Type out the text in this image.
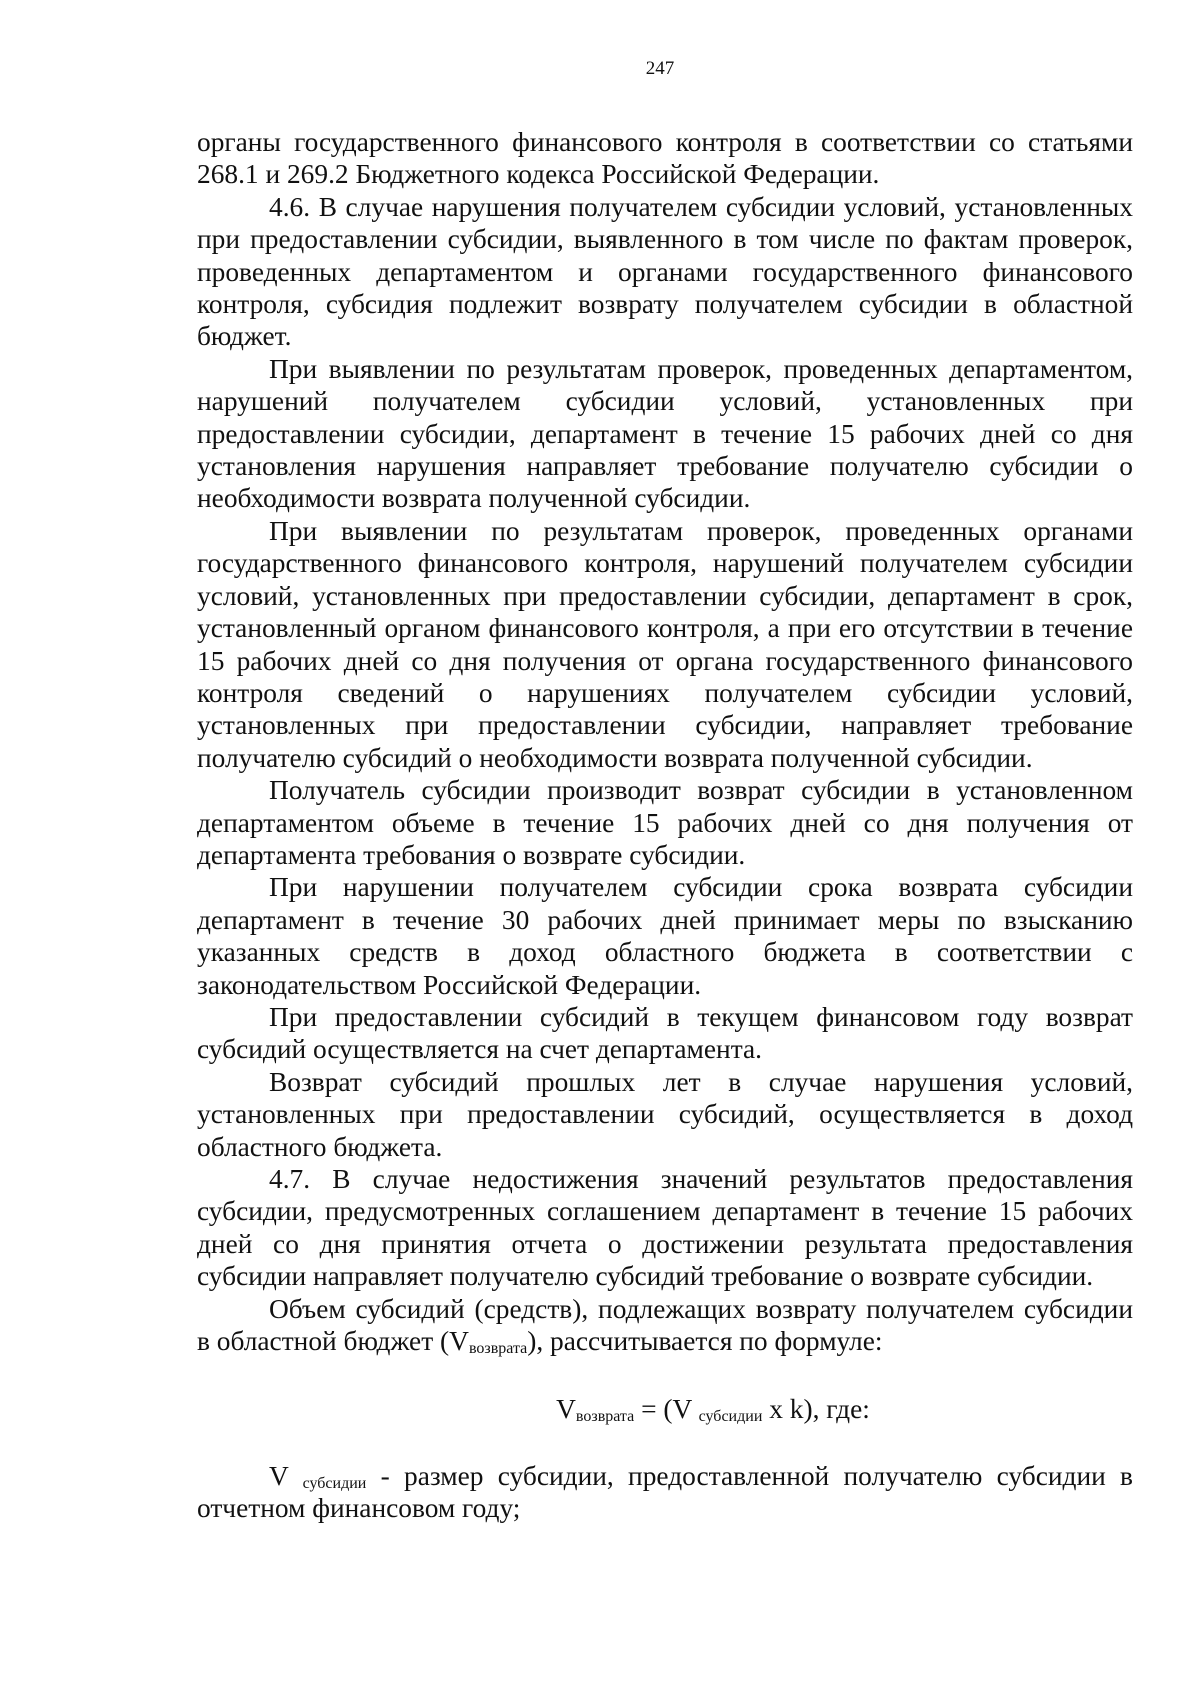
247

органы государственного финансового контроля в соответствии со статьями 268.1 и 269.2 Бюджетного кодекса Российской Федерации.

4.6. В случае нарушения получателем субсидии условий, установленных при предоставлении субсидии, выявленного в том числе по фактам проверок, проведенных департаментом и органами государственного финансового контроля, субсидия подлежит возврату получателем субсидии в областной бюджет.

При выявлении по результатам проверок, проведенных департаментом, нарушений получателем субсидии условий, установленных при предоставлении субсидии, департамент в течение 15 рабочих дней со дня установления нарушения направляет требование получателю субсидии о необходимости возврата полученной субсидии.

При выявлении по результатам проверок, проведенных органами государственного финансового контроля, нарушений получателем субсидии условий, установленных при предоставлении субсидии, департамент в срок, установленный органом финансового контроля, а при его отсутствии в течение 15 рабочих дней со дня получения от органа государственного финансового контроля сведений о нарушениях получателем субсидии условий, установленных при предоставлении субсидии, направляет требование получателю субсидий о необходимости возврата полученной субсидии.

Получатель субсидии производит возврат субсидии в установленном департаментом объеме в течение 15 рабочих дней со дня получения от департамента требования о возврате субсидии.

При нарушении получателем субсидии срока возврата субсидии департамент в течение 30 рабочих дней принимает меры по взысканию указанных средств в доход областного бюджета в соответствии с законодательством Российской Федерации.

При предоставлении субсидий в текущем финансовом году возврат субсидий осуществляется на счет департамента.

Возврат субсидий прошлых лет в случае нарушения условий, установленных при предоставлении субсидий, осуществляется в доход областного бюджета.

4.7. В случае недостижения значений результатов предоставления субсидии, предусмотренных соглашением департамент в течение 15 рабочих дней со дня принятия отчета о достижении результата предоставления субсидии направляет получателю субсидий требование о возврате субсидии.

Объем субсидий (средств), подлежащих возврату получателем субсидии в областной бюджет $(V_{возврата})$, рассчитывается по формуле:

$V_{возврата} = (V$ $_{субсидии}$ x k), где:

V $_{субсидии}$ - размер субсидии, предоставленной получателю субсидии в отчетном финансовом году;
